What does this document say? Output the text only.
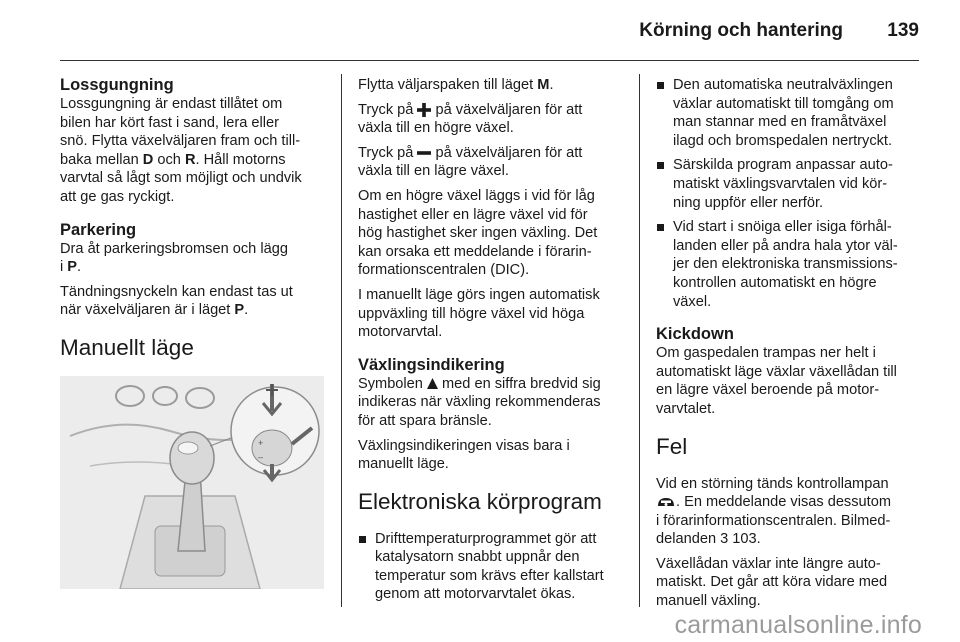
Körning och hantering 139
Lossgungning

Lossgungning är endast tillåtet om
bilen har kört fast i sand, lera eller
snö. Flytta växelväljaren fram och till-
baka mellan D och R. Håll motorns
varvtal så lågt som möjligt och undvik
att ge gas ryckigt.

Parkering

Dra åt parkeringsbromsen och lägg
i P.

Tändningsnyckeln kan endast tas ut
när växelväljaren är i läget P.

Manuellt läge
+
–

Flytta väljarspaken till läget M.

Tryck på  på växelväljaren för att
växla till en högre växel.

Tryck på  på växelväljaren för att
växla till en lägre växel.

Om en högre växel läggs i vid för låg
hastighet eller en lägre växel vid för
hög hastighet sker ingen växling. Det
kan orsaka ett meddelande i förarin-
formationscentralen (DIC).

I manuellt läge görs ingen automatisk
uppväxling till högre växel vid höga
motorvarvtal.

Växlingsindikering

Symbolen  med en siffra bredvid sig
indikeras när växling rekommenderas
för att spara bränsle.

Växlingsindikeringen visas bara i
manuellt läge.

Elektroniska körprogram
Drifttemperaturprogrammet gör att
katalysatorn snabbt uppnår den
temperatur som krävs efter kallstart
genom att motorvarvtalet ökas.
Den automatiska neutralväxlingen
växlar automatiskt till tomgång om
man stannar med en framåtväxel
ilagd och bromspedalen nertryckt.
Särskilda program anpassar auto-
matiskt växlingsvarvtalen vid kör-
ning uppför eller nerför.
Vid start i snöiga eller isiga förhål-
landen eller på andra hala ytor väl-
jer den elektroniska transmissions-
kontrollen automatiskt en högre
växel.
Kickdown

Om gaspedalen trampas ner helt i
automatiskt läge växlar växellådan till
en lägre växel beroende på motor-
varvtalet.

Fel

Vid en störning tänds kontrollampan
. En meddelande visas dessutom
i förarinformationscentralen. Bilmed-
delanden 3 103.

Växellådan växlar inte längre auto-
matiskt. Det går att köra vidare med
manuell växling.

carmanualsonline.info
